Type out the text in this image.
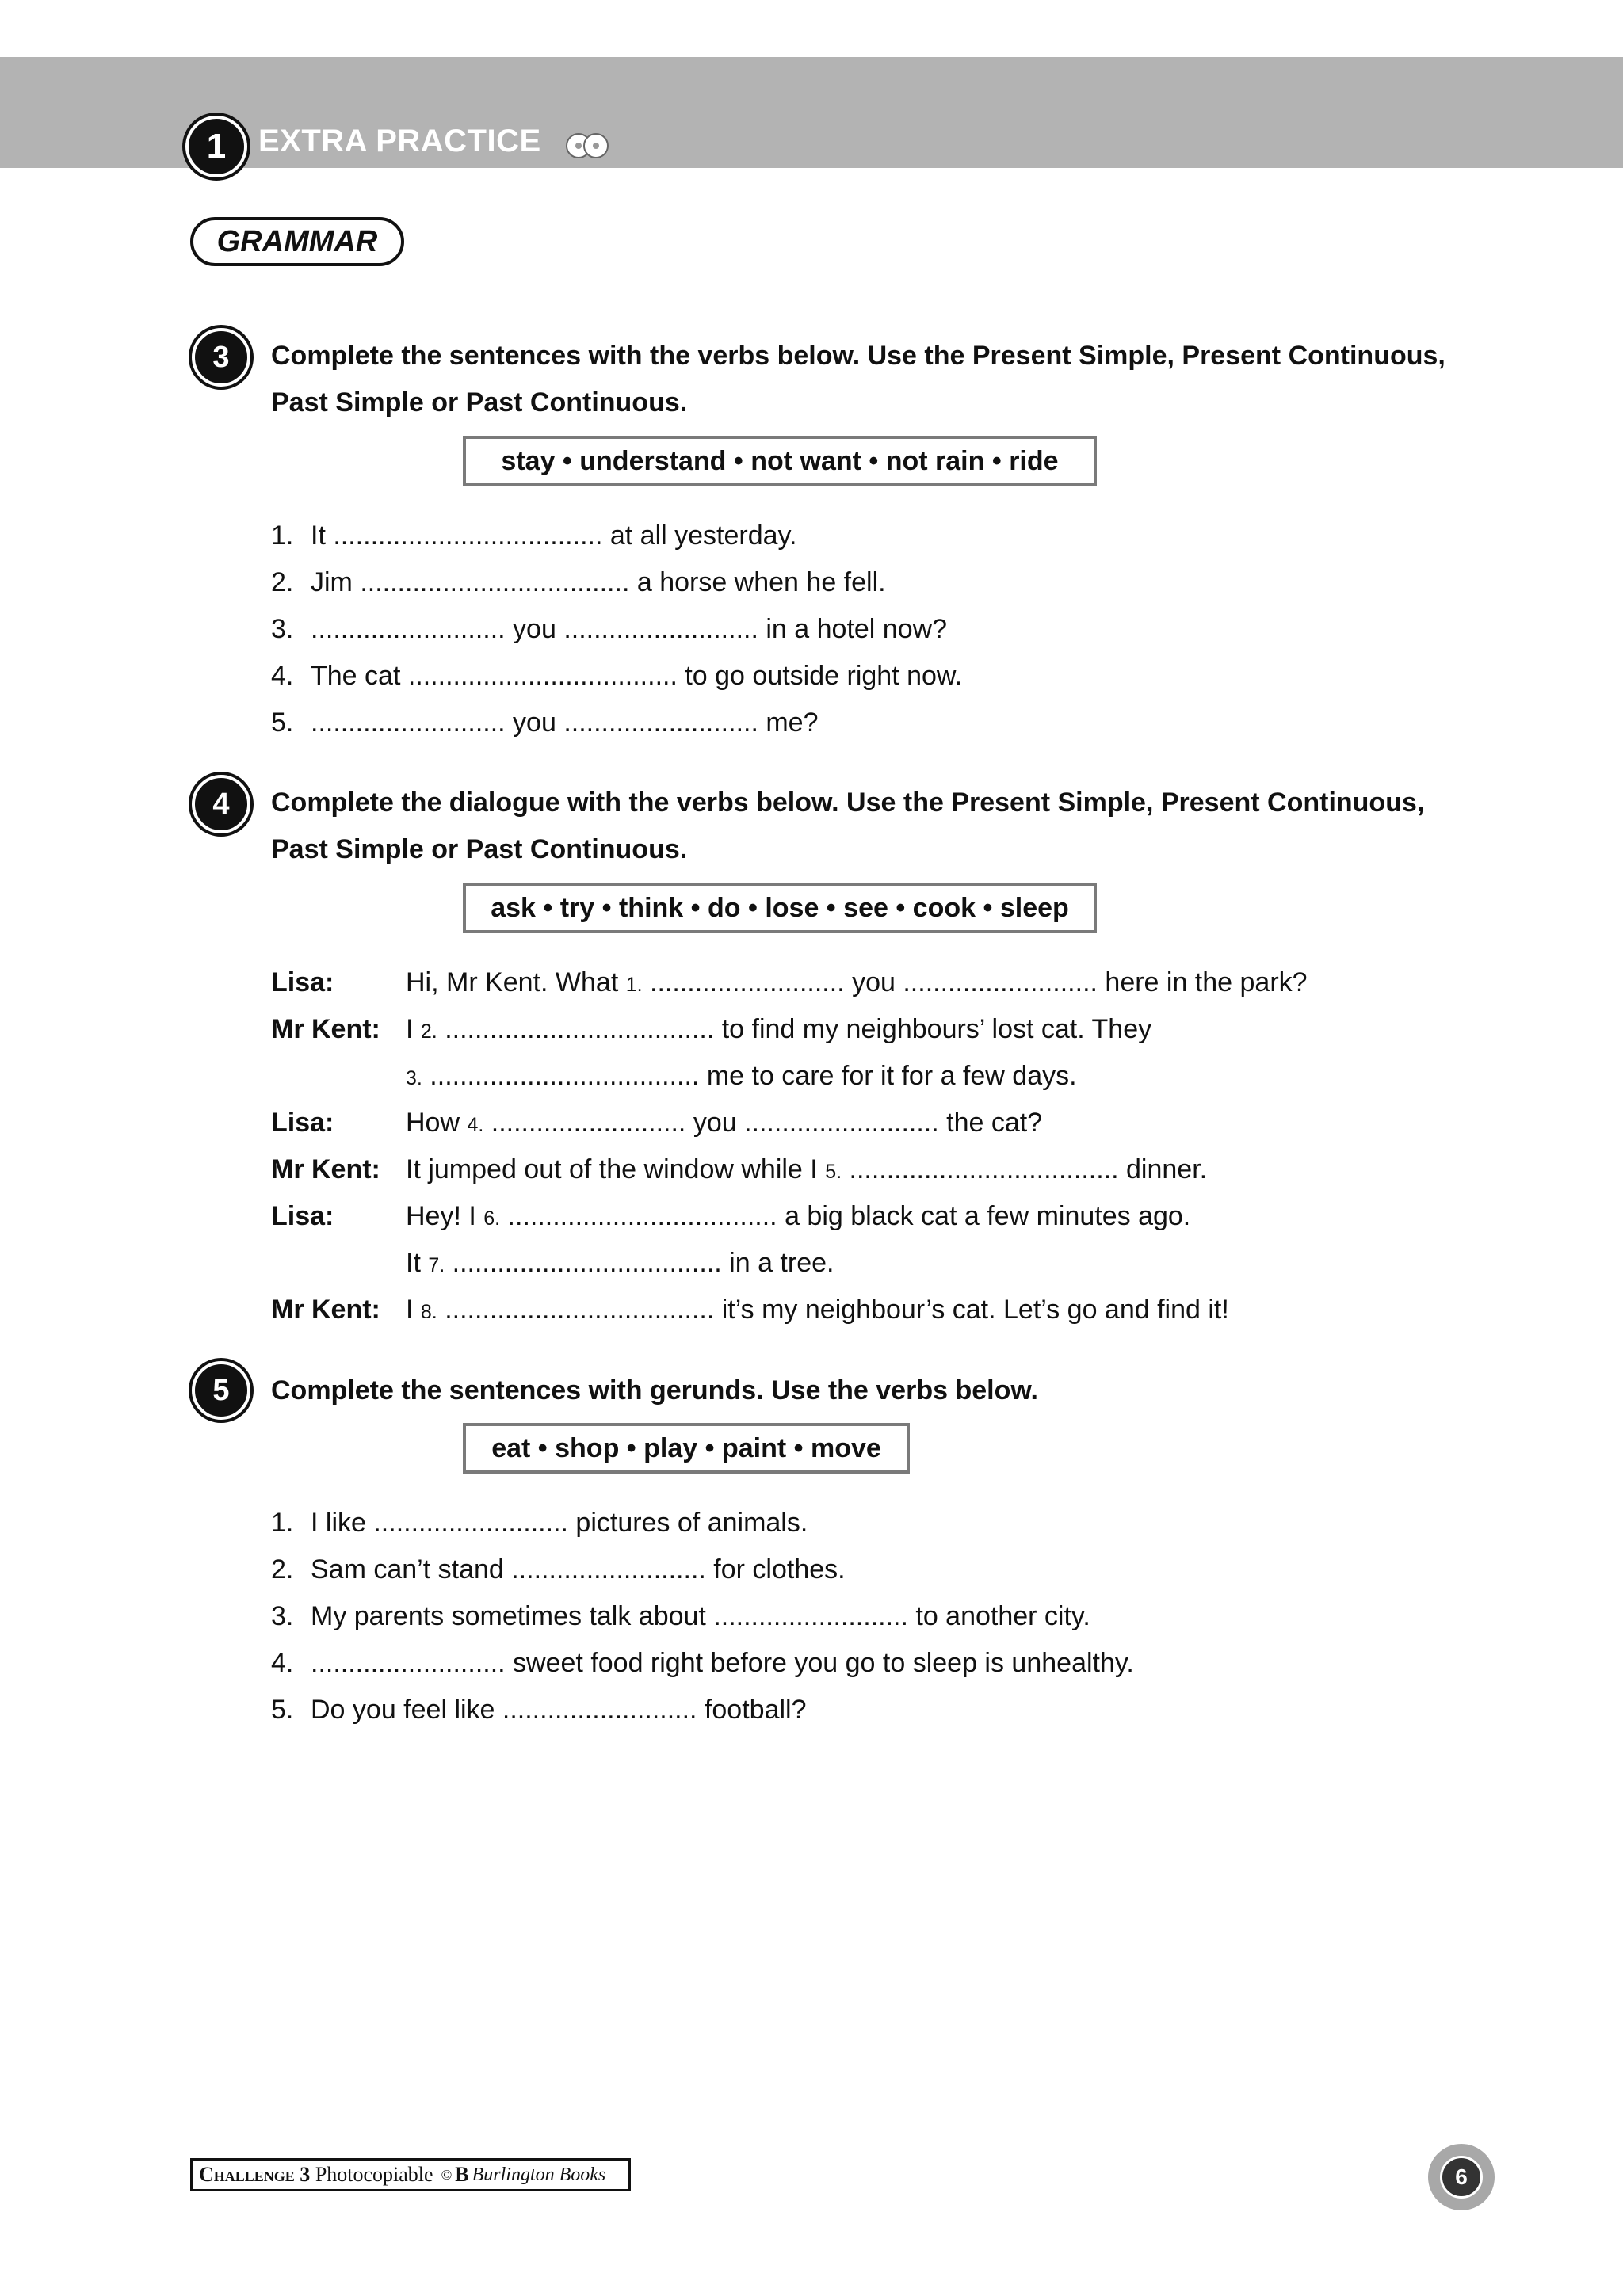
1	EXTRA PRACTICE
GRAMMAR
3	Complete the sentences with the verbs below. Use the Present Simple, Present Continuous,
Past Simple or Past Continuous.
stay • understand • not want • not rain • ride
1. It .................................... at all yesterday.
2. Jim .................................... a horse when he fell.
3. .......................... you .......................... in a hotel now?
4. The cat .................................... to go outside right now.
5. .......................... you .......................... me?
4	Complete the dialogue with the verbs below. Use the Present Simple, Present Continuous,
Past Simple or Past Continuous.
ask • try • think • do • lose • see • cook • sleep
Lisa:	Hi, Mr Kent. What 1. .......................... you .......................... here in the park?
Mr Kent: I 2. .................................... to find my neighbours’ lost cat. They
3. .................................... me to care for it for a few days.
Lisa:	How 4. .......................... you .......................... the cat?
Mr Kent: It jumped out of the window while I 5. .................................... dinner.
Lisa:	Hey! I 6. .................................... a big black cat a few minutes ago.
It 7. .................................... in a tree.
Mr Kent: I 8. .................................... it’s my neighbour’s cat. Let’s go and find it!
5	Complete the sentences with gerunds. Use the verbs below.
eat • shop • play • paint • move
1. I like .......................... pictures of animals.
2. Sam can’t stand .......................... for clothes.
3. My parents sometimes talk about .......................... to another city.
4. .......................... sweet food right before you go to sleep is unhealthy.
5. Do you feel like .......................... football?
Challenge 3
Photocopiable © B Burlington Books	6
